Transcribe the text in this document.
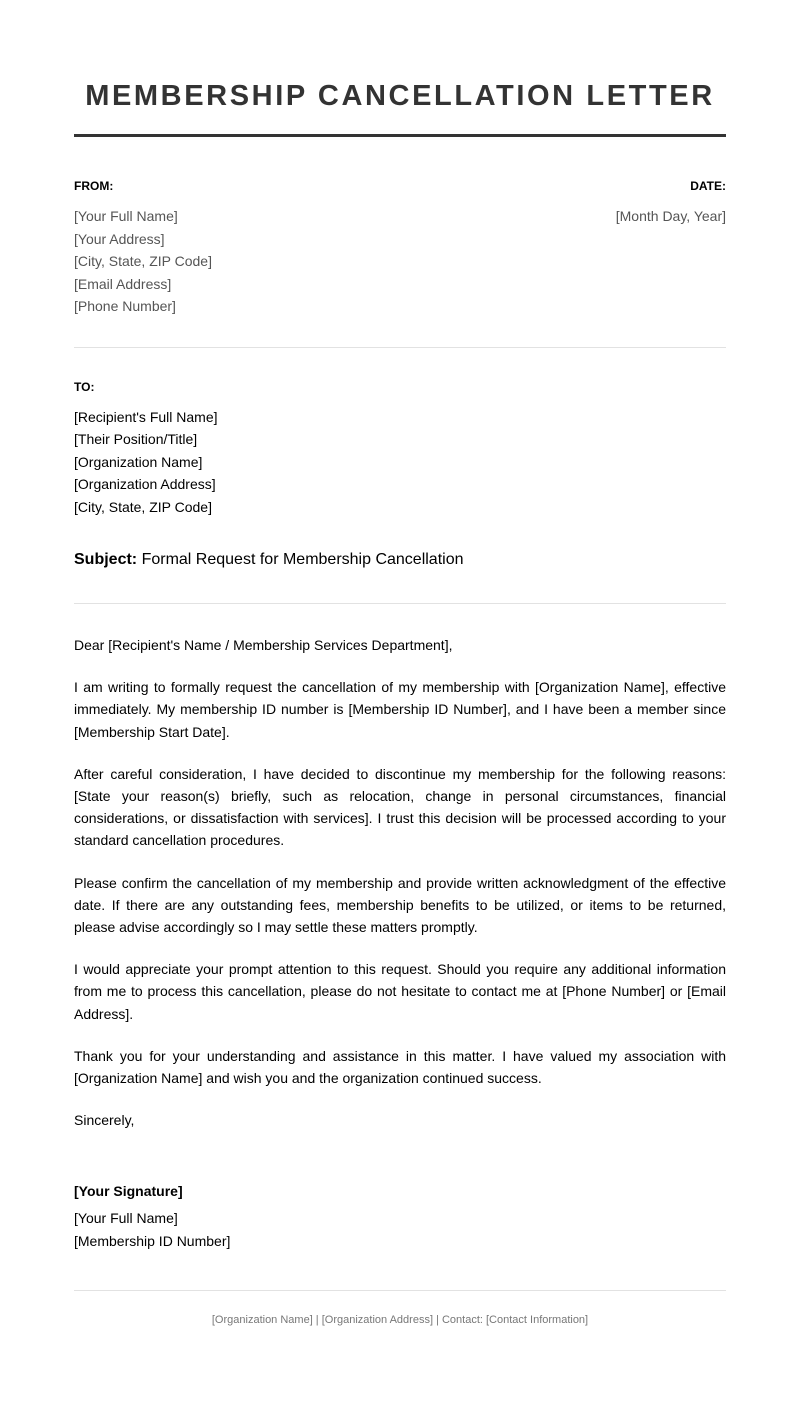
MEMBERSHIP CANCELLATION LETTER
FROM:
[Your Full Name]
[Your Address]
[City, State, ZIP Code]
[Email Address]
[Phone Number]
DATE:
[Month Day, Year]
TO:
[Recipient's Full Name]
[Their Position/Title]
[Organization Name]
[Organization Address]
[City, State, ZIP Code]
Subject: Formal Request for Membership Cancellation

Dear [Recipient's Name / Membership Services Department],

I am writing to formally request the cancellation of my membership with [Organization Name], effective immediately. My membership ID number is [Membership ID Number], and I have been a member since [Membership Start Date].

After careful consideration, I have decided to discontinue my membership for the following reasons: [State your reason(s) briefly, such as relocation, change in personal circumstances, financial considerations, or dissatisfaction with services]. I trust this decision will be processed according to your standard cancellation procedures.

Please confirm the cancellation of my membership and provide written acknowledgment of the effective date. If there are any outstanding fees, membership benefits to be utilized, or items to be returned, please advise accordingly so I may settle these matters promptly.

I would appreciate your prompt attention to this request. Should you require any additional information from me to process this cancellation, please do not hesitate to contact me at [Phone Number] or [Email Address].

Thank you for your understanding and assistance in this matter. I have valued my association with [Organization Name] and wish you and the organization continued success.

Sincerely,

[Your Signature]
[Your Full Name]
[Membership ID Number]
[Organization Name] | [Organization Address] | Contact: [Contact Information]
